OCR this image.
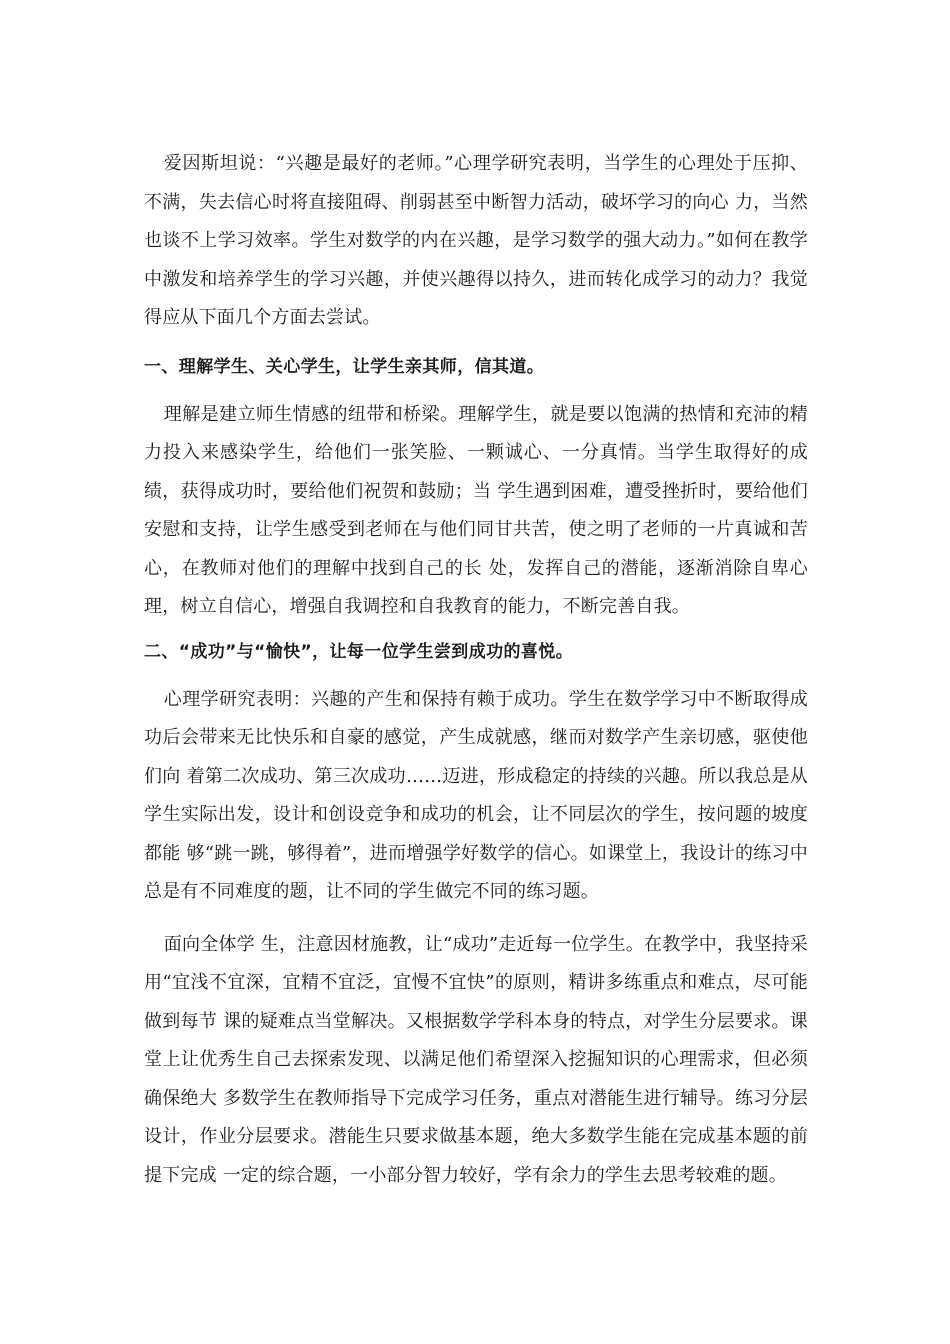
爱因斯坦说：“兴趣是最好的老师。”心理学研究表明，当学生的心理处于压抑、不满，失去信心时将直接阻碍、削弱甚至中断智力活动，破坏学习的向心 力，当然也谈不上学习效率。学生对数学的内在兴趣，是学习数学的强大动力。”如何在教学中激发和培养学生的学习兴趣，并使兴趣得以持久，进而转化成学习的动力？我觉得应从下面几个方面去尝试。

一、理解学生、关心学生，让学生亲其师，信其道。

理解是建立师生情感的纽带和桥梁。理解学生，就是要以饱满的热情和充沛的精力投入来感染学生，给他们一张笑脸、一颗诚心、一分真情。当学生取得好的成绩，获得成功时，要给他们祝贺和鼓励；当 学生遇到困难，遭受挫折时，要给他们安慰和支持，让学生感受到老师在与他们同甘共苦，使之明了老师的一片真诚和苦心，在教师对他们的理解中找到自己的长 处，发挥自己的潜能，逐渐消除自卑心理，树立自信心，增强自我调控和自我教育的能力，不断完善自我。

二、“成功”与“愉快”，让每一位学生尝到成功的喜悦。

心理学研究表明：兴趣的产生和保持有赖于成功。学生在数学学习中不断取得成功后会带来无比快乐和自豪的感觉，产生成就感，继而对数学产生亲切感，驱使他们向 着第二次成功、第三次成功……迈进，形成稳定的持续的兴趣。所以我总是从学生实际出发，设计和创设竞争和成功的机会，让不同层次的学生，按问题的坡度都能 够“跳一跳，够得着”，进而增强学好数学的信心。如课堂上，我设计的练习中总是有不同难度的题，让不同的学生做完不同的练习题。

面向全体学 生，注意因材施教，让“成功”走近每一位学生。在教学中，我坚持采用“宜浅不宜深，宜精不宜泛，宜慢不宜快”的原则，精讲多练重点和难点，尽可能做到每节 课的疑难点当堂解决。又根据数学学科本身的特点，对学生分层要求。课堂上让优秀生自己去探索发现、以满足他们希望深入挖掘知识的心理需求，但必须确保绝大 多数学生在教师指导下完成学习任务，重点对潜能生进行辅导。练习分层设计，作业分层要求。潜能生只要求做基本题，绝大多数学生能在完成基本题的前提下完成 一定的综合题，一小部分智力较好，学有余力的学生去思考较难的题。
